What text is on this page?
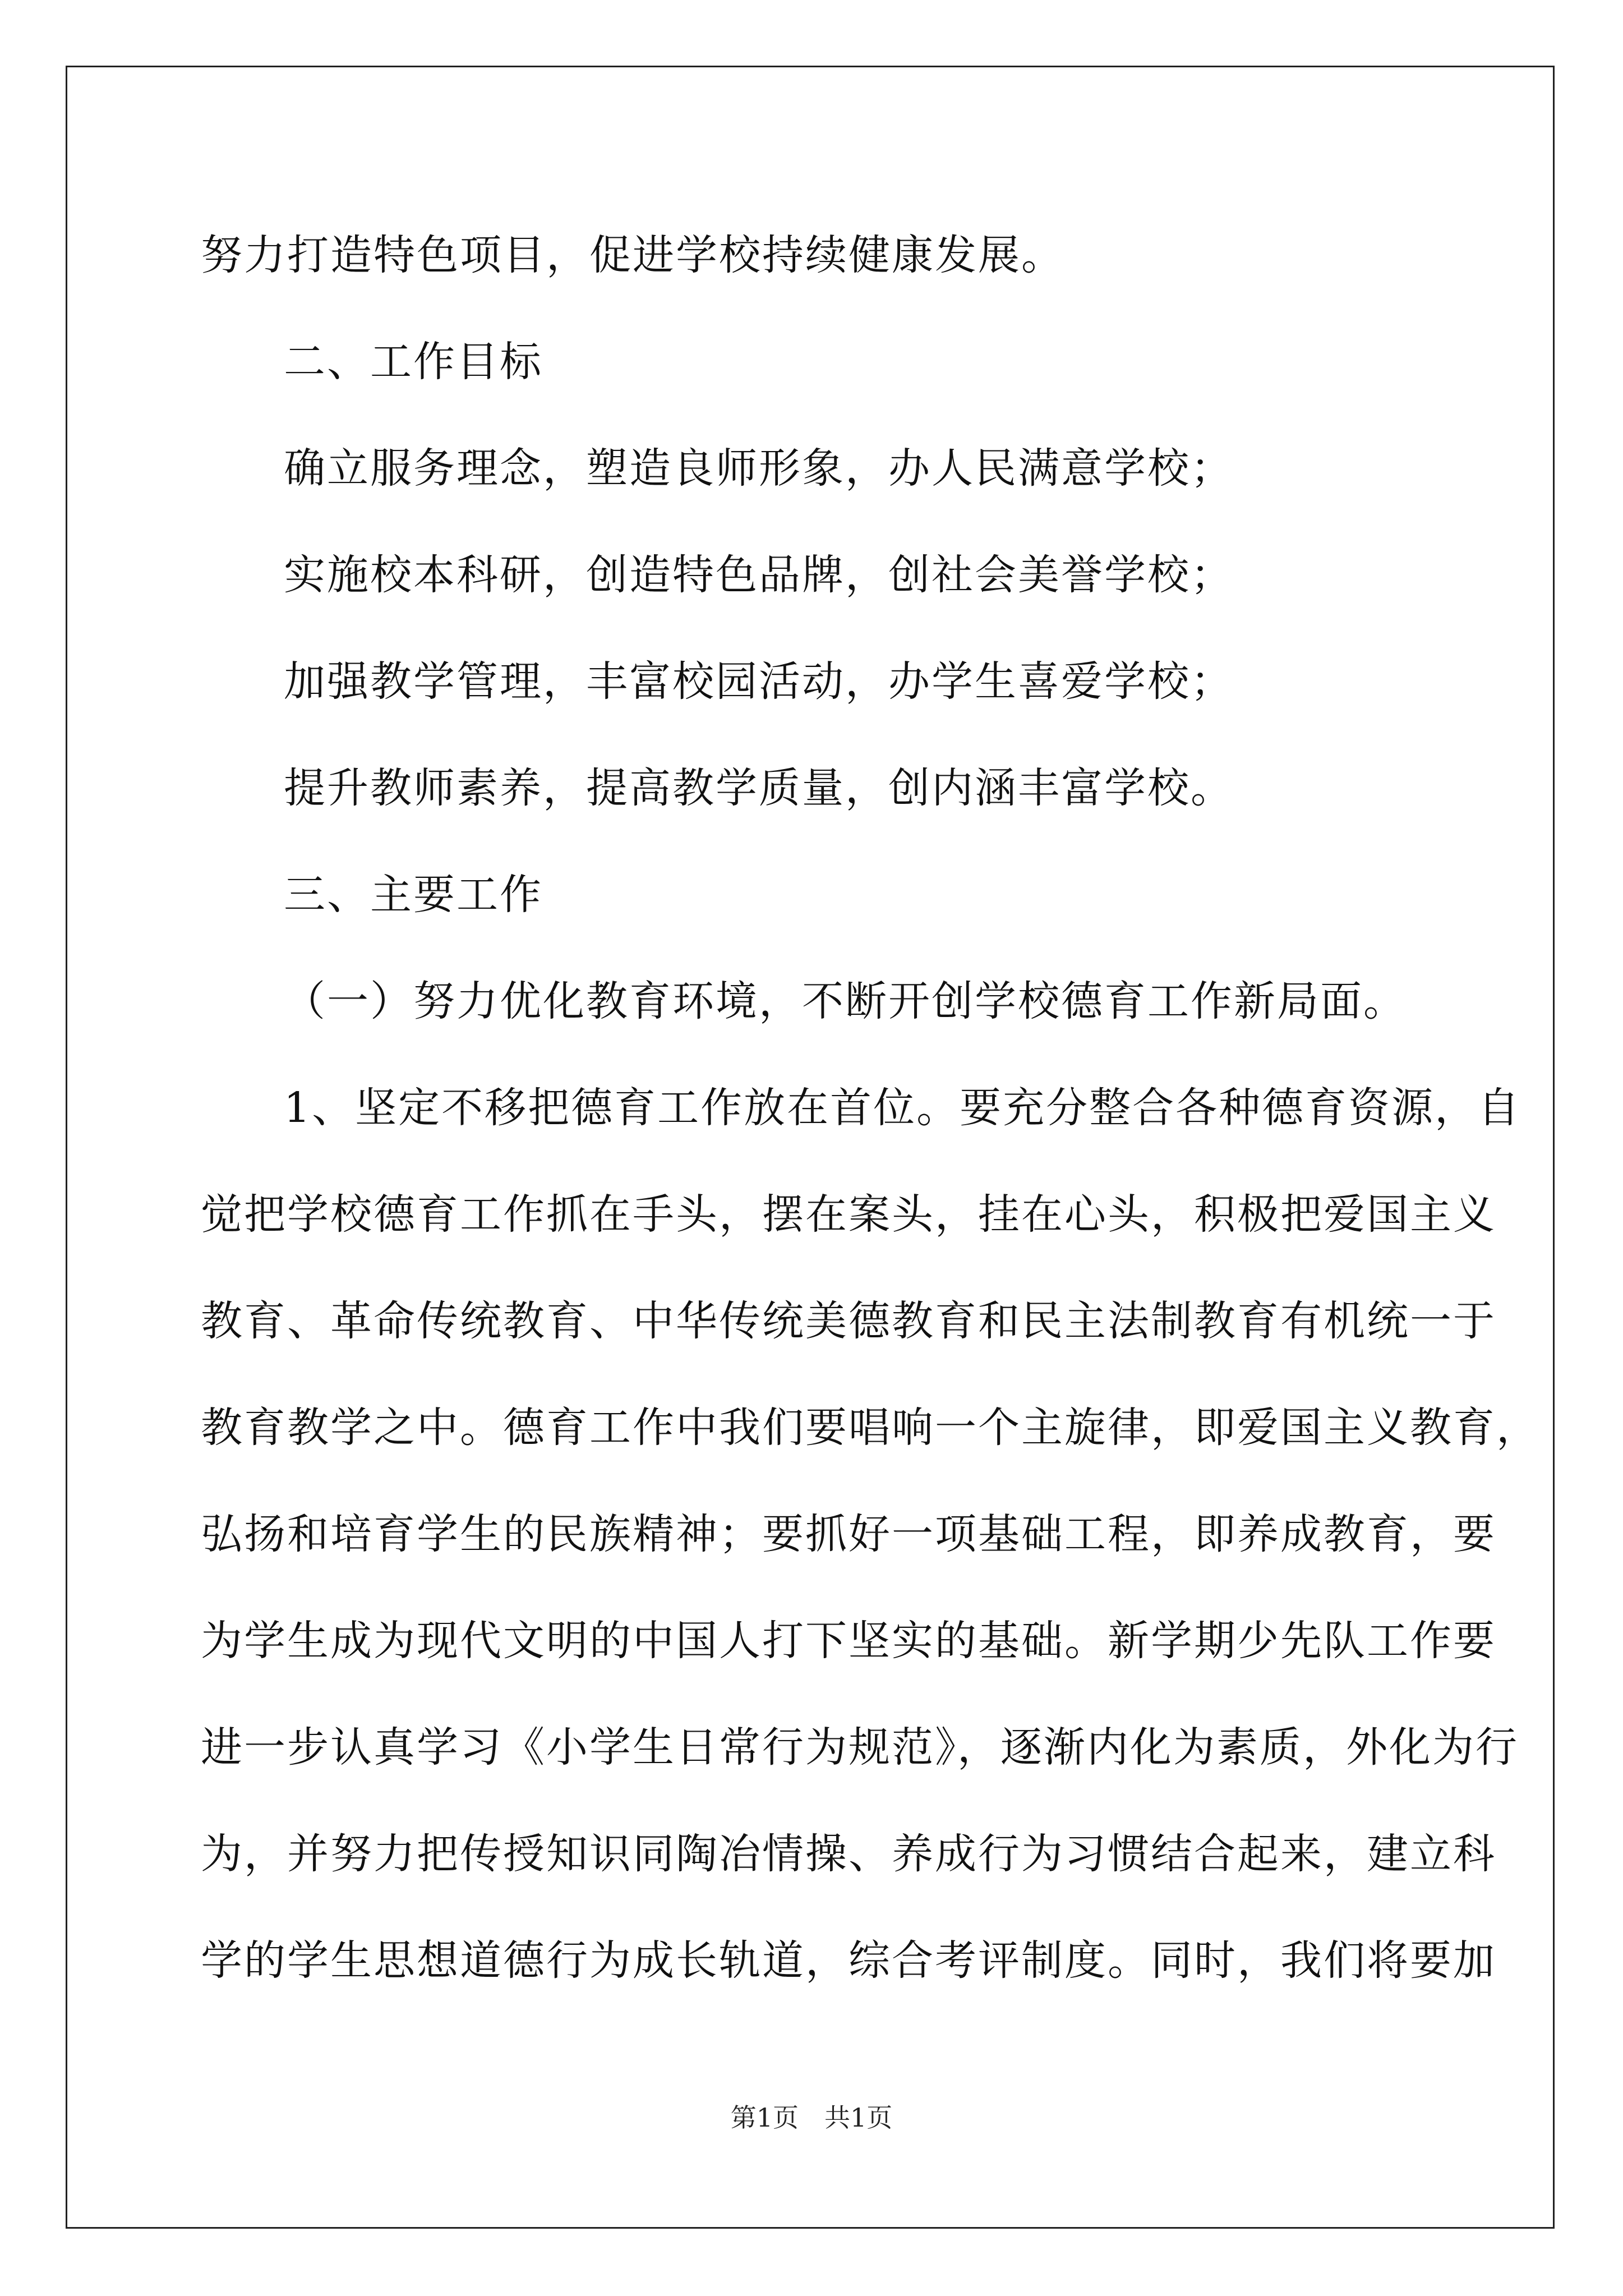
努力打造特色项目，促进学校持续健康发展。
二、工作目标
确立服务理念，塑造良师形象，办人民满意学校；
实施校本科研，创造特色品牌，创社会美誉学校；
加强教学管理，丰富校园活动，办学生喜爱学校；
提升教师素养，提高教学质量，创内涵丰富学校。
三、主要工作
（一）努力优化教育环境，不断开创学校德育工作新局面。
1、坚定不移把德育工作放在首位。要充分整合各种德育资源，自
觉把学校德育工作抓在手头，摆在案头，挂在心头，积极把爱国主义
教育、革命传统教育、中华传统美德教育和民主法制教育有机统一于
教育教学之中。德育工作中我们要唱响一个主旋律，即爱国主义教育，
弘扬和培育学生的民族精神；要抓好一项基础工程，即养成教育，要
为学生成为现代文明的中国人打下坚实的基础。新学期少先队工作要
进一步认真学习《小学生日常行为规范》，逐渐内化为素质，外化为行
为，并努力把传授知识同陶冶情操、养成行为习惯结合起来，建立科
学的学生思想道德行为成长轨道，综合考评制度。同时，我们将要加
第1页　共1页
